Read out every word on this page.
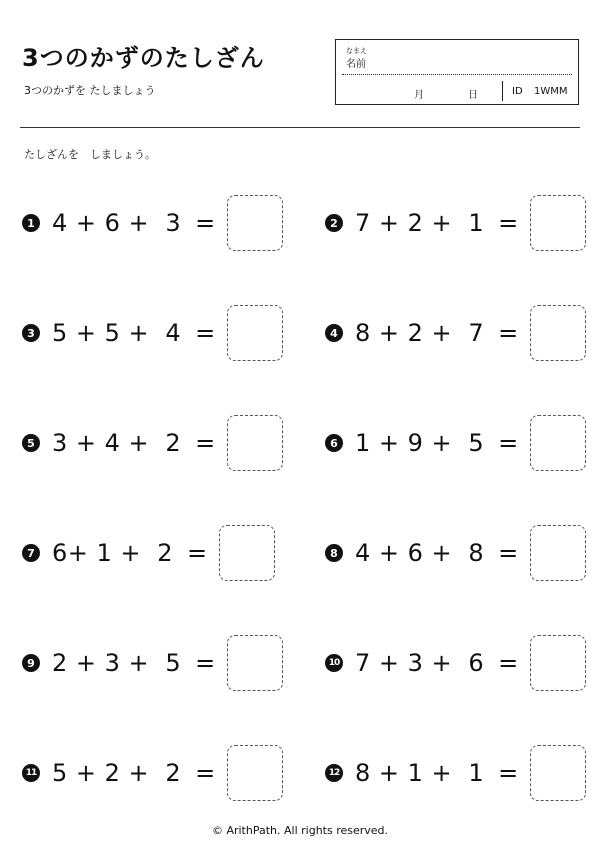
3つのかずのたしざん
3つのかずを たしましょう
なまえ
名前
月	日	ID 1WMM
たしざんを　しましょう。
1 4 + 6 +  3 =	2 7 + 2 +  1 =
3 5 + 5 +  4 =	4 8 + 2 +  7 =
5 3 + 4 +  2 =	6 1 + 9 +  5 =
7 6+ 1 +  2 =	8 4 + 6 +  8 =
9 2 + 3 +  5 =	10 7 + 3 +  6 =
11 5 + 2 +  2 =	12 8 + 1 +  1 =
© ArithPath. All rights reserved.
